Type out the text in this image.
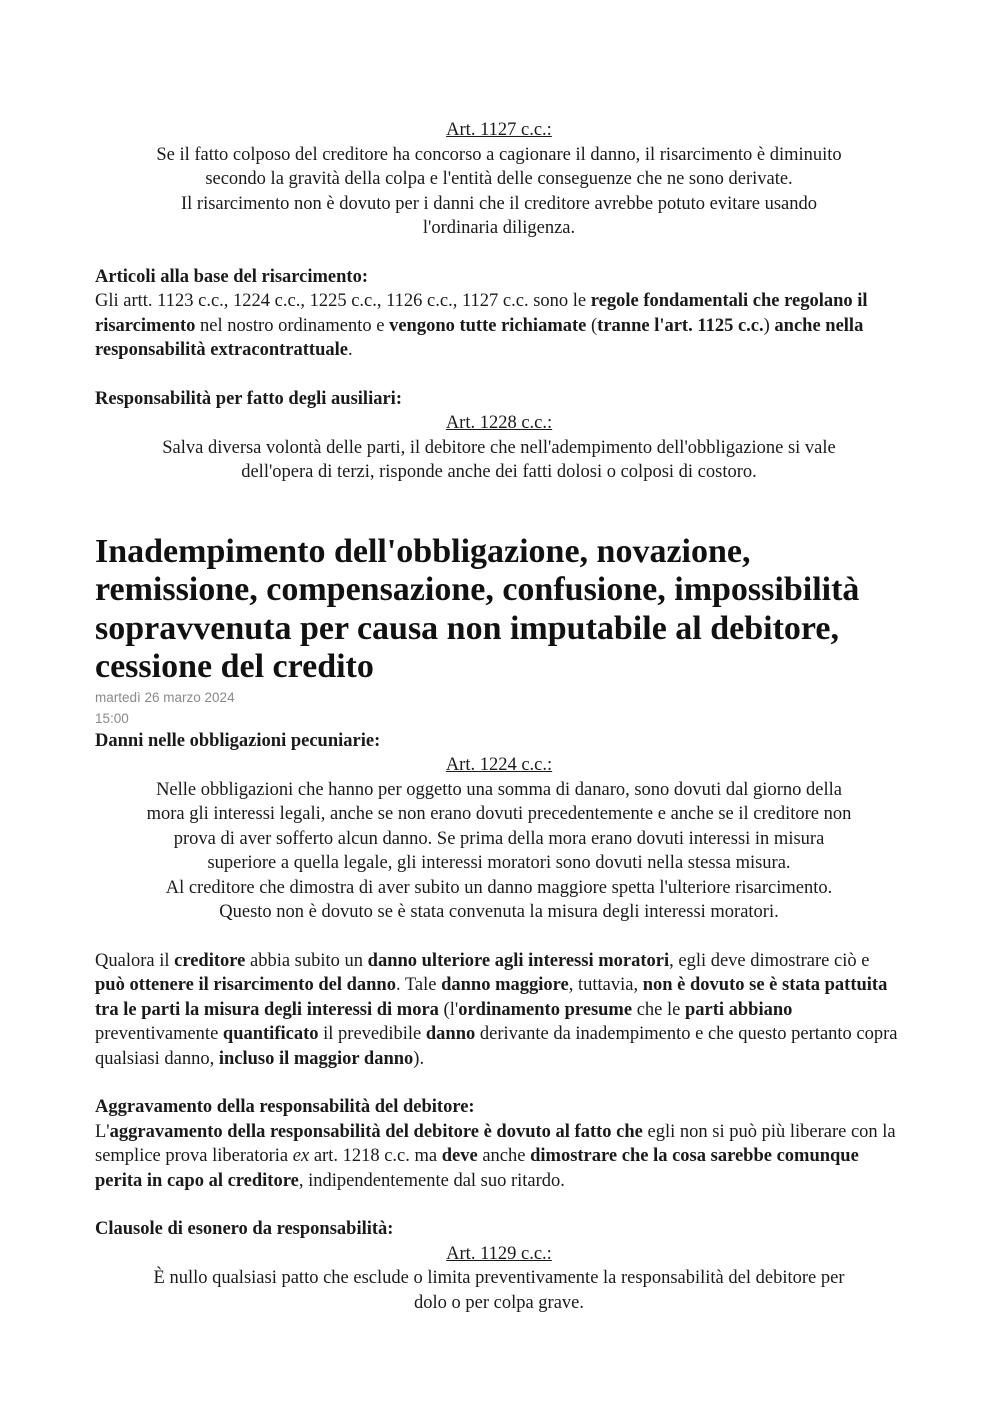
Art. 1127 c.c.:
Se il fatto colposo del creditore ha concorso a cagionare il danno, il risarcimento è diminuito
secondo la gravità della colpa e l'entità delle conseguenze che ne sono derivate.
Il risarcimento non è dovuto per i danni che il creditore avrebbe potuto evitare usando
l'ordinaria diligenza.
Articoli alla base del risarcimento:

Gli artt. 1123 c.c., 1224 c.c., 1225 c.c., 1126 c.c., 1127 c.c. sono le regole fondamentali che regolano il risarcimento nel nostro ordinamento e vengono tutte richiamate (tranne l'art. 1125 c.c.) anche nella responsabilità extracontrattuale.

Responsabilità per fatto degli ausiliari:
Art. 1228 c.c.:
Salva diversa volontà delle parti, il debitore che nell'adempimento dell'obbligazione si vale
dell'opera di terzi, risponde anche dei fatti dolosi o colposi di costoro.
Inadempimento dell'obbligazione, novazione,
remissione, compensazione, confusione, impossibilità
sopravvenuta per causa non imputabile al debitore,
cessione del credito
martedì 26 marzo 2024
15:00
Danni nelle obbligazioni pecuniarie:
Art. 1224 c.c.:
Nelle obbligazioni che hanno per oggetto una somma di danaro, sono dovuti dal giorno della
mora gli interessi legali, anche se non erano dovuti precedentemente e anche se il creditore non
prova di aver sofferto alcun danno. Se prima della mora erano dovuti interessi in misura
superiore a quella legale, gli interessi moratori sono dovuti nella stessa misura.
Al creditore che dimostra di aver subito un danno maggiore spetta l'ulteriore risarcimento.
Questo non è dovuto se è stata convenuta la misura degli interessi moratori.

Qualora il creditore abbia subito un danno ulteriore agli interessi moratori, egli deve dimostrare ciò e può ottenere il risarcimento del danno. Tale danno maggiore, tuttavia, non è dovuto se è stata pattuita tra le parti la misura degli interessi di mora (l'ordinamento presume che le parti abbiano preventivamente quantificato il prevedibile danno derivante da inadempimento e che questo pertanto copra qualsiasi danno, incluso il maggior danno).

Aggravamento della responsabilità del debitore:

L'aggravamento della responsabilità del debitore è dovuto al fatto che egli non si può più liberare con la semplice prova liberatoria ex art. 1218 c.c. ma deve anche dimostrare che la cosa sarebbe comunque perita in capo al creditore, indipendentemente dal suo ritardo.

Clausole di esonero da responsabilità:
Art. 1129 c.c.:
È nullo qualsiasi patto che esclude o limita preventivamente la responsabilità del debitore per
dolo o per colpa grave.
